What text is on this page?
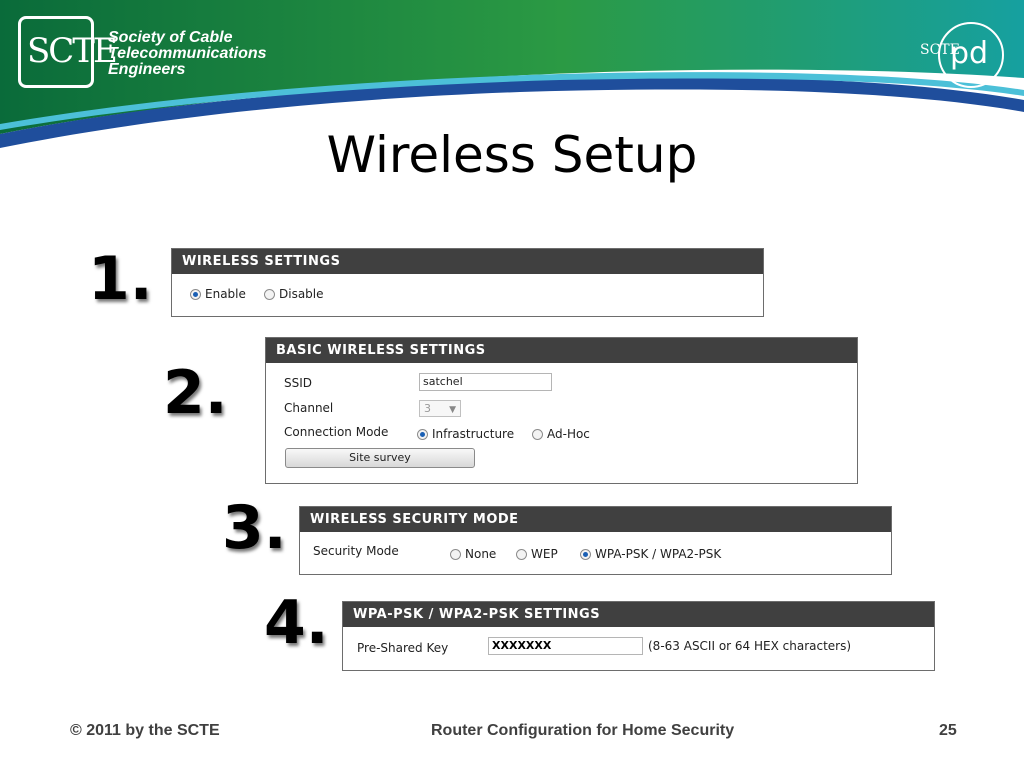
SCTE
Society of Cable
Telecommunications
Engineers
SCTE
pd
Wireless Setup
1.
2.
3.
4.
WIRELESS SETTINGS
Enable	Disable
BASIC WIRELESS SETTINGS
SSID	satchel
Channel	3 ▼
Connection Mode	Infrastructure	Ad-Hoc
Site survey
WIRELESS SECURITY MODE
Security Mode	None	WEP	WPA-PSK / WPA2-PSK
WPA-PSK / WPA2-PSK SETTINGS
Pre-Shared Key	XXXXXXX	(8-63 ASCII or 64 HEX characters)
© 2011 by the SCTE	Router Configuration for Home Security	25
